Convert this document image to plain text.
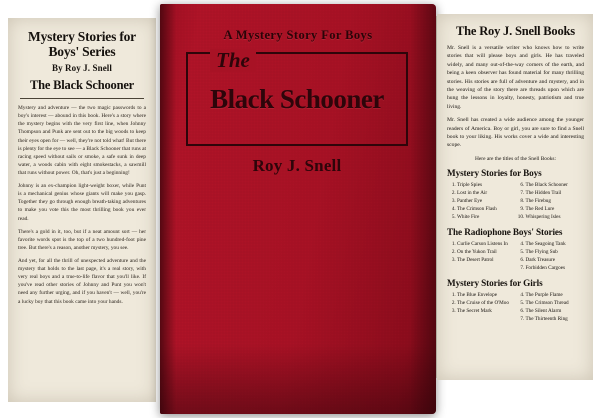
Mystery Stories for Boys' Series
By Roy J. Snell
The Black Schooner

Mystery and adventure — the two magic passwords to a boy's interest — abound in this book. Here's a story where the mystery begins with the very first line, when Johnny Thompson and Punk are sent out to the big woods to keep their eyes open for — well, they're not told what! But there is plenty for the eye to see — a Black Schooner that runs at racing speed without sails or smoke, a safe sunk in deep water, a woods cabin with eight smokestacks, a sawmill that runs without power. Oh, that's just a beginning!

Johnny is an ex-champion light-weight boxer, while Punt is a mechanical genius whose giants will make you gasp. Together they go through enough breath-taking adventures to make you vote this the most thrilling book you ever read.

There's a gold in it, too, but if a neat amount sort — her favorite words spot is the top of a two hundred-foot pine tree. But there's a reason, another mystery, you see.

And yet, for all the thrill of unexpected adventure and the mystery that holds to the last page, it's a real story, with very real boys and a true-to-life flavor that you'll like. If you've read other stories of Johnny and Punt you won't need any further urging, and if you haven't — well, you're a lucky boy that this book came into your hands.

A Mystery Story For Boys
The
Black Schooner
Roy J. Snell
The Roy J. Snell Books

Mr. Snell is a versatile writer who knows how to write stories that will please boys and girls. He has traveled widely, and many out-of-the-way corners of the earth, and being a keen observer has found material for many thrilling stories. His stories are full of adventure and mystery, and in the weaving of the story there are threads upon which are hung the lessons in loyalty, honesty, patriotism and true living.

Mr. Snell has created a wide audience among the younger readers of America. Boy or girl, you are sure to find a Snell book to your liking. His works cover a wide and interesting scope.

Here are the titles of the Snell Books:
Mystery Stories for Boys
1. Triple Spies
2. Lost in the Air
3. Panther Eye
4. The Crimson Flash
5. White Fire
6. The Black Schooner
7. The Hidden Trail
8. The Firebug
9. The Red Lure
10. Whispering Isles
The Radiophone Boys' Stories
1. Curlie Carson Listens In
2. On the Yukon Trail
3. The Desert Patrol
4. The Seagoing Tank
5. The Flying Sub
6. Dark Treasure
7. Forbidden Cargoes
Mystery Stories for Girls
1. The Blue Envelope
2. The Cruise of the O'Moo
3. The Secret Mark
4. The Purple Flame
5. The Crimson Thread
6. The Silent Alarm
7. The Thirteenth Ring
